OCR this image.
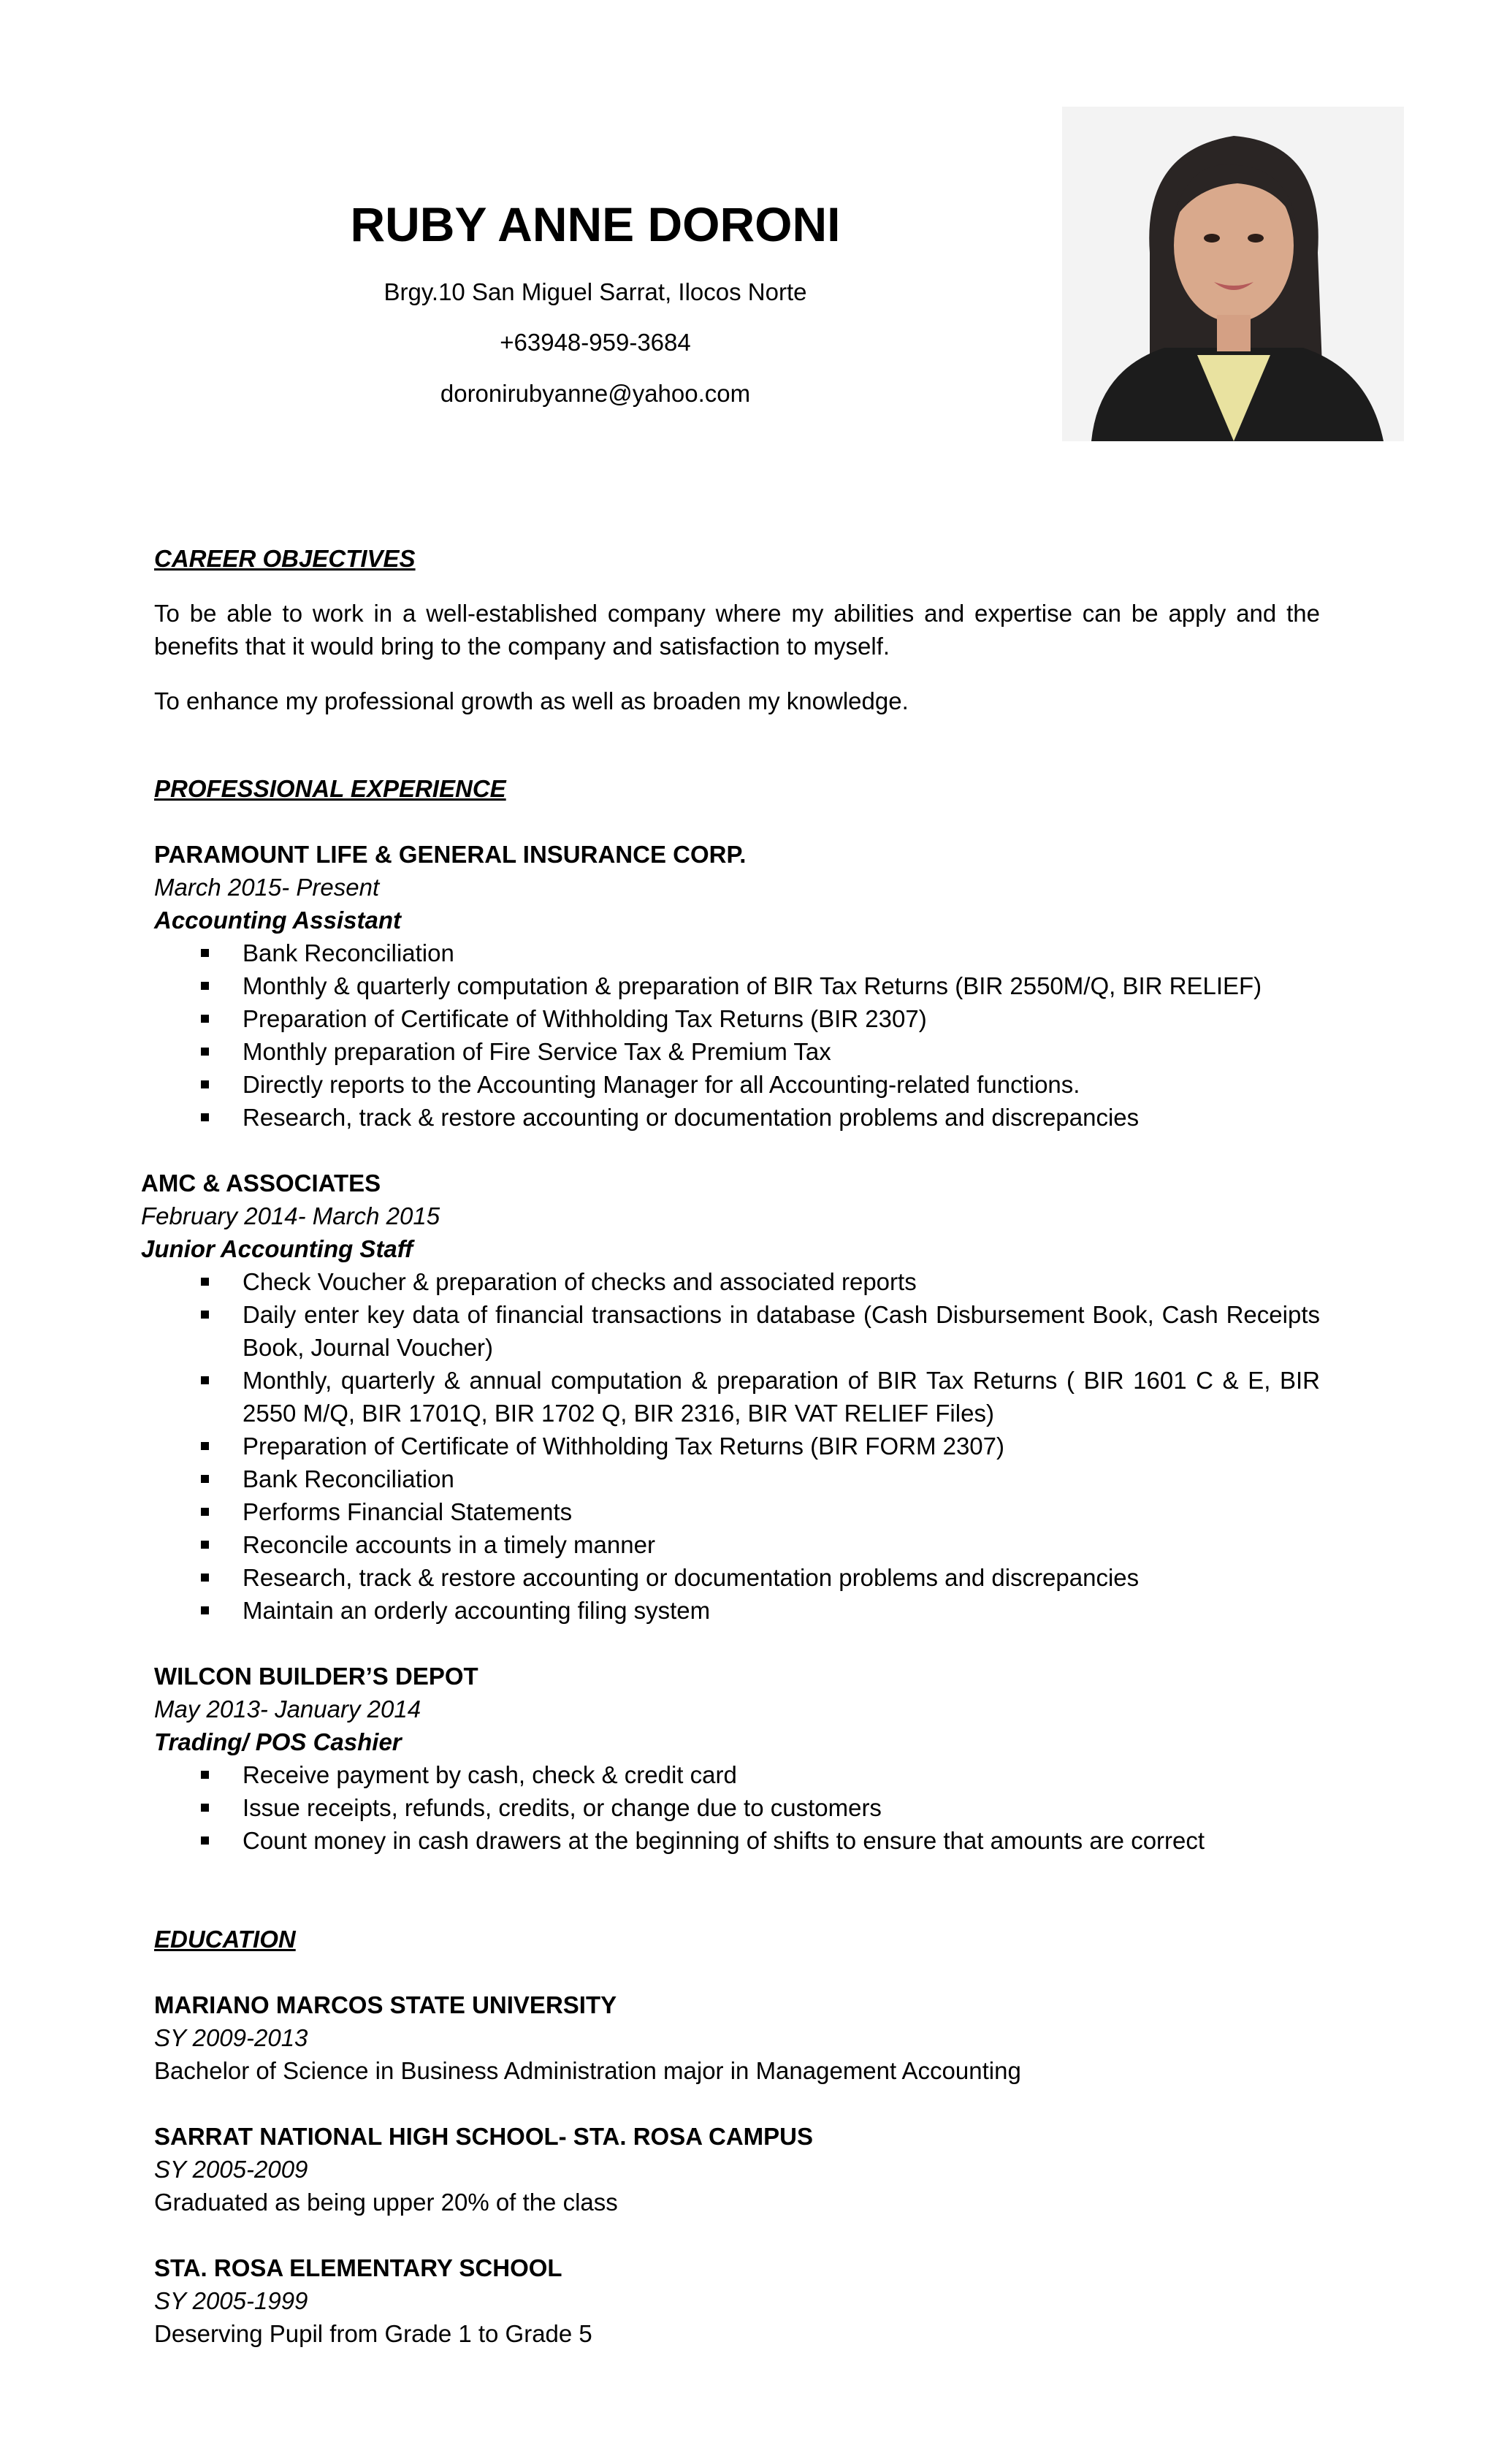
RUBY ANNE DORONI
Brgy.10 San Miguel Sarrat, Ilocos Norte
+63948-959-3684
doronirubyanne@yahoo.com
CAREER OBJECTIVES
To be able to work in a well-established company where my abilities and expertise can be apply and the benefits that it would bring to the company and satisfaction to myself.
To enhance my professional growth as well as broaden my knowledge.
PROFESSIONAL EXPERIENCE
PARAMOUNT LIFE & GENERAL INSURANCE CORP.
March 2015- Present
Accounting Assistant
Bank Reconciliation
Monthly & quarterly computation & preparation of BIR Tax Returns (BIR 2550M/Q, BIR RELIEF)
Preparation of Certificate of Withholding Tax Returns (BIR 2307)
Monthly preparation of Fire Service Tax & Premium Tax
Directly reports to the Accounting Manager for all Accounting-related functions.
Research, track & restore accounting or documentation problems and discrepancies
AMC & ASSOCIATES
February 2014- March 2015
Junior Accounting Staff
Check Voucher & preparation of checks and associated reports
Daily enter key data of financial transactions in database (Cash Disbursement Book, Cash Receipts Book, Journal Voucher)
Monthly, quarterly & annual computation & preparation of BIR Tax Returns ( BIR 1601 C & E, BIR 2550 M/Q, BIR 1701Q, BIR 1702 Q, BIR 2316, BIR VAT RELIEF Files)
Preparation of Certificate of Withholding Tax Returns (BIR FORM 2307)
Bank Reconciliation
Performs Financial Statements
Reconcile accounts in a timely manner
Research, track & restore accounting or documentation problems and discrepancies
Maintain an orderly accounting filing system
WILCON BUILDER’S DEPOT
May 2013- January 2014
Trading/ POS Cashier
Receive payment by cash, check & credit card
Issue receipts, refunds, credits, or change due to customers
Count money in cash drawers at the beginning of shifts to ensure that amounts are correct
EDUCATION
MARIANO MARCOS STATE UNIVERSITY
SY 2009-2013
Bachelor of Science in Business Administration major in Management Accounting
SARRAT NATIONAL HIGH SCHOOL- STA. ROSA CAMPUS
SY 2005-2009
Graduated as being upper 20% of the class
STA. ROSA ELEMENTARY SCHOOL
SY 2005-1999
Deserving Pupil from Grade 1 to Grade 5
